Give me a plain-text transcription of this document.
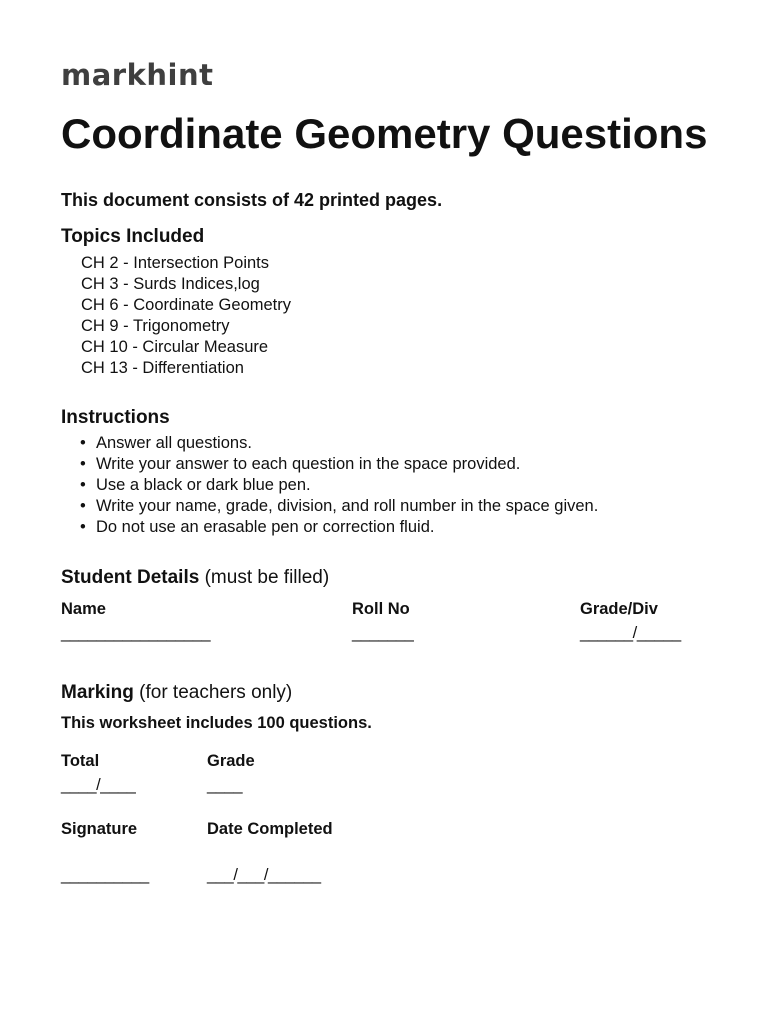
markhint
Coordinate Geometry Questions

This document consists of 42 printed pages.

Topics Included
CH 2 - Intersection Points
CH 3 - Surds Indices,log
CH 6 - Coordinate Geometry
CH 9 - Trigonometry
CH 10 - Circular Measure
CH 13 - Differentiation
Instructions
• Answer all questions.
• Write your answer to each question in the space provided.
• Use a black or dark blue pen.
• Write your name, grade, division, and roll number in the space given.
• Do not use an erasable pen or correction fluid.
Student Details (must be filled)
Name
_________________
Roll No
_______
Grade/Div
______/_____
Marking (for teachers only)

This worksheet includes 100 questions.

Total
____/____
Grade
____
Signature
__________
Date Completed
___/___/______
